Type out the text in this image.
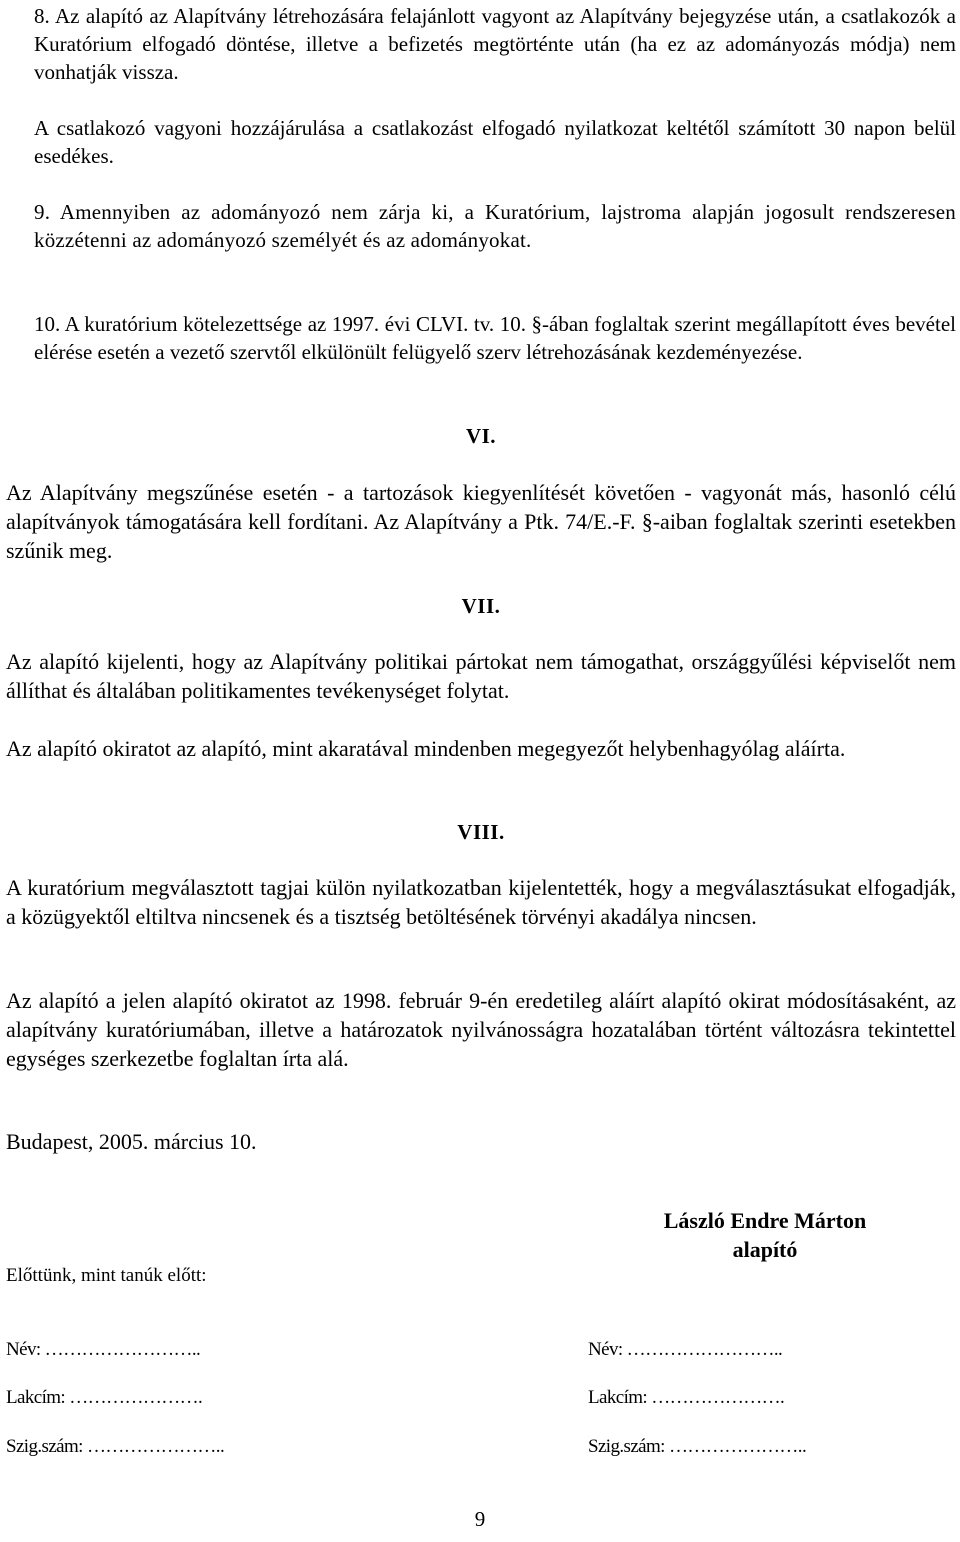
8. Az alapító az Alapítvány létrehozására felajánlott vagyont az Alapítvány bejegyzése után, a csatlakozók a Kuratórium elfogadó döntése, illetve a befizetés megtörténte után (ha ez az adományozás módja) nem vonhatják vissza.

A csatlakozó vagyoni hozzájárulása a csatlakozást elfogadó nyilatkozat keltétől számított 30 napon belül esedékes.

9. Amennyiben az adományozó nem zárja ki, a Kuratórium, lajstroma alapján jogosult rendszeresen közzétenni az adományozó személyét és az adományokat.

10. A kuratórium kötelezettsége az 1997. évi CLVI. tv. 10. §-ában foglaltak szerint megállapított éves bevétel elérése esetén a vezető szervtől elkülönült felügyelő szerv létrehozásának kezdeményezése.

VI.

Az Alapítvány megszűnése esetén - a tartozások kiegyenlítését követően - vagyonát más, hasonló célú alapítványok támogatására kell fordítani. Az Alapítvány a Ptk. 74/E.-F. §-aiban foglaltak szerinti esetekben szűnik meg.

VII.

Az alapító kijelenti, hogy az Alapítvány politikai pártokat nem támogathat, országgyűlési képviselőt nem állíthat és általában politikamentes tevékenységet folytat.

Az alapító okiratot az alapító, mint akaratával mindenben megegyezőt helybenhagyólag aláírta.

VIII.

A kuratórium megválasztott tagjai külön nyilatkozatban kijelentették, hogy a megválasztásukat elfogadják, a közügyektől eltiltva nincsenek és a tisztség betöltésének törvényi akadálya nincsen.

Az alapító a jelen alapító okiratot az 1998. február 9-én eredetileg aláírt alapító okirat módosításaként, az alapítvány kuratóriumában, illetve a határozatok nyilvánosságra hozatalában történt változásra tekintettel egységes szerkezetbe foglaltan írta alá.

Budapest, 2005. március 10.

László Endre Márton
alapító
Előttünk, mint tanúk előtt:
Név: ……………………..
Lakcím: ………………….
Szig.szám: …………………..
Név: ……………………..
Lakcím: ………………….
Szig.szám: …………………..
9
